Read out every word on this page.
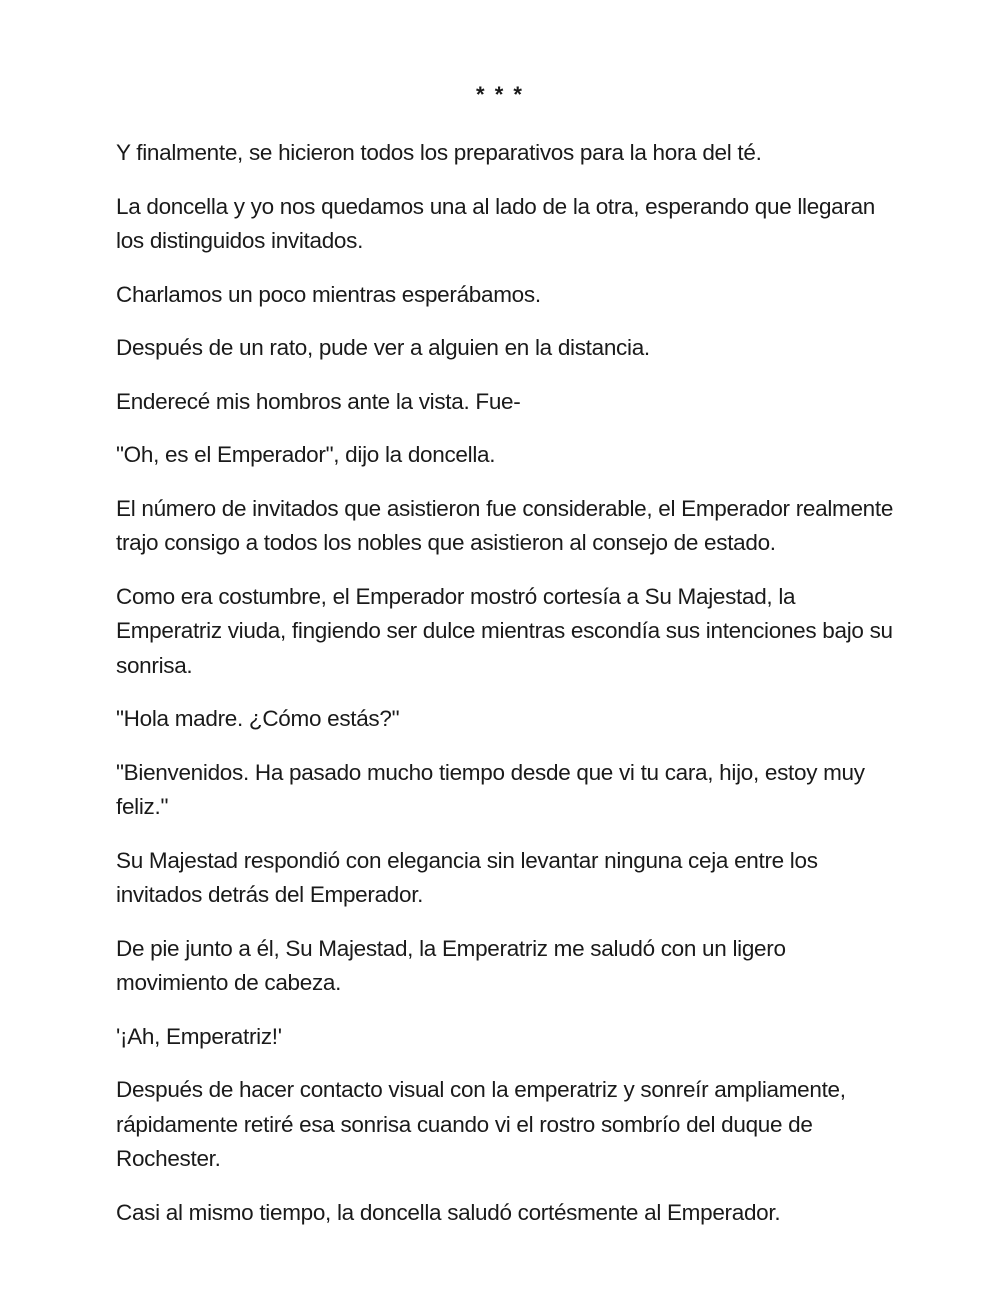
* * *

Y finalmente, se hicieron todos los preparativos para la hora del té.

La doncella y yo nos quedamos una al lado de la otra, esperando que llegaran los distinguidos invitados.

Charlamos un poco mientras esperábamos.

Después de un rato, pude ver a alguien en la distancia.

Enderecé mis hombros ante la vista. Fue-

"Oh, es el Emperador", dijo la doncella.

El número de invitados que asistieron fue considerable, el Emperador realmente trajo consigo a todos los nobles que asistieron al consejo de estado.

Como era costumbre, el Emperador mostró cortesía a Su Majestad, la Emperatriz viuda, fingiendo ser dulce mientras escondía sus intenciones bajo su sonrisa.

"Hola madre. ¿Cómo estás?"

"Bienvenidos. Ha pasado mucho tiempo desde que vi tu cara, hijo, estoy muy feliz."

Su Majestad respondió con elegancia sin levantar ninguna ceja entre los invitados detrás del Emperador.

De pie junto a él, Su Majestad, la Emperatriz me saludó con un ligero movimiento de cabeza.

'¡Ah, Emperatriz!'

Después de hacer contacto visual con la emperatriz y sonreír ampliamente, rápidamente retiré esa sonrisa cuando vi el rostro sombrío del duque de Rochester.

Casi al mismo tiempo, la doncella saludó cortésmente al Emperador.
